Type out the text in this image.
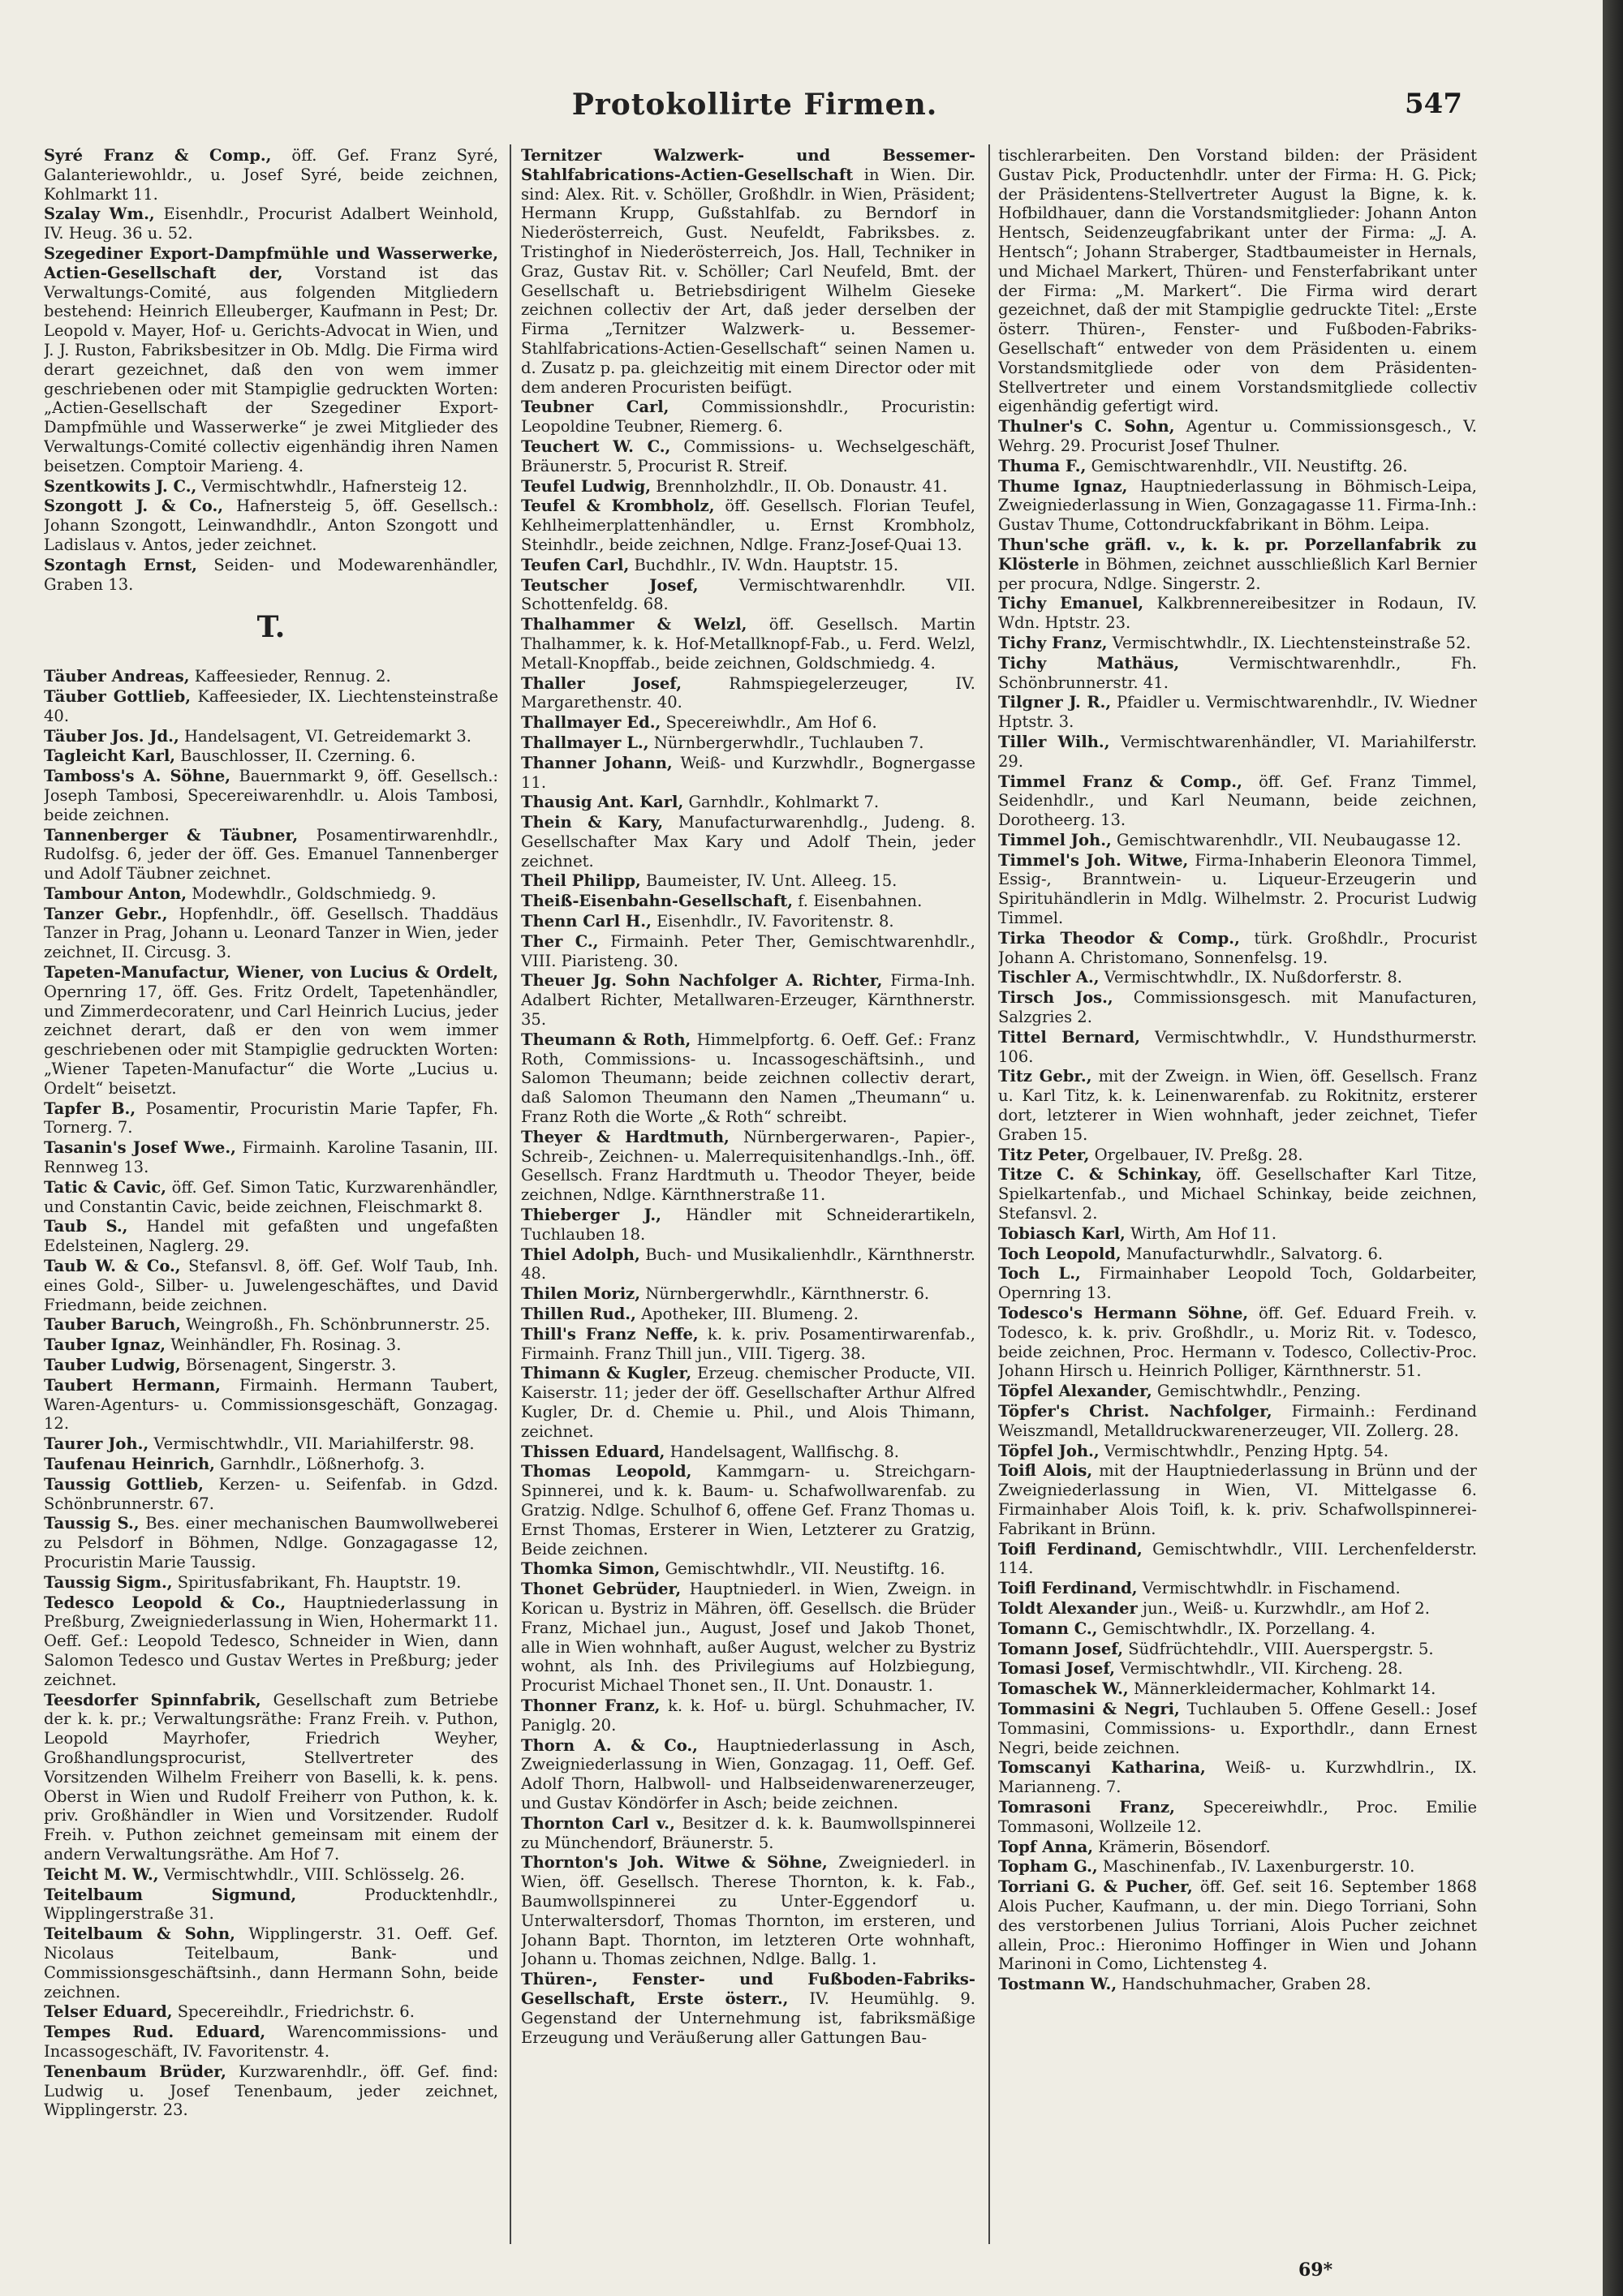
Protokollirte Firmen.	547
Syré Franz & Comp., öff. Gef. Franz Syré, Galanteriewohldr., u. Josef Syré, beide zeichnen, Kohlmarkt 11.
Szalay Wm., Eisenhdlr., Procurist Adalbert Weinhold, IV. Heug. 36 u. 52.
Szegediner Export-Dampfmühle und Wasserwerke, Actien-Gesellschaft der, Vorstand ist das Verwaltungs-Comité, aus folgenden Mitgliedern bestehend: Heinrich Elleuberger, Kaufmann in Pest; Dr. Leopold v. Mayer, Hof- u. Gerichts-Advocat in Wien, und J. J. Ruston, Fabriksbesitzer in Ob. Mdlg. Die Firma wird derart gezeichnet, daß den von wem immer geschriebenen oder mit Stampiglie gedruckten Worten: „Actien-Gesellschaft der Szegediner Export-Dampfmühle und Wasserwerke“ je zwei Mitglieder des Verwaltungs-Comité collectiv eigenhändig ihren Namen beisetzen. Comptoir Marieng. 4.
Szentkowits J. C., Vermischtwhdlr., Hafnersteig 12.
Szongott J. & Co., Hafnersteig 5, öff. Gesellsch.: Johann Szongott, Leinwandhdlr., Anton Szongott und Ladislaus v. Antos, jeder zeichnet.
Szontagh Ernst, Seiden- und Modewarenhändler, Graben 13.
T.
Täuber Andreas, Kaffeesieder, Rennug. 2.
Täuber Gottlieb, Kaffeesieder, IX. Liechtensteinstraße 40.
Täuber Jos. Jd., Handelsagent, VI. Getreidemarkt 3.
Tagleicht Karl, Bauschlosser, II. Czerning. 6.
Tamboss's A. Söhne, Bauernmarkt 9, öff. Gesellsch.: Joseph Tambosi, Specereiwarenhdlr. u. Alois Tambosi, beide zeichnen.
Tannenberger & Täubner, Posamentirwarenhdlr., Rudolfsg. 6, jeder der öff. Ges. Emanuel Tannenberger und Adolf Täubner zeichnet.
Tambour Anton, Modewhdlr., Goldschmiedg. 9.
Tanzer Gebr., Hopfenhdlr., öff. Gesellsch. Thaddäus Tanzer in Prag, Johann u. Leonard Tanzer in Wien, jeder zeichnet, II. Circusg. 3.
Tapeten-Manufactur, Wiener, von Lucius & Ordelt, Opernring 17, öff. Ges. Fritz Ordelt, Tapetenhändler, und Zimmerdecoratenr, und Carl Heinrich Lucius, jeder zeichnet derart, daß er den von wem immer geschriebenen oder mit Stampiglie gedruckten Worten: „Wiener Tapeten-Manufactur“ die Worte „Lucius u. Ordelt“ beisetzt.
Tapfer B., Posamentir, Procuristin Marie Tapfer, Fh. Tornerg. 7.
Tasanin's Josef Wwe., Firmainh. Karoline Tasanin, III. Rennweg 13.
Tatic & Cavic, öff. Gef. Simon Tatic, Kurzwarenhändler, und Constantin Cavic, beide zeichnen, Fleischmarkt 8.
Taub S., Handel mit gefaßten und ungefaßten Edelsteinen, Naglerg. 29.
Taub W. & Co., Stefansvl. 8, öff. Gef. Wolf Taub, Inh. eines Gold-, Silber- u. Juwelengeschäftes, und David Friedmann, beide zeichnen.
Tauber Baruch, Weingroßh., Fh. Schönbrunnerstr. 25.
Tauber Ignaz, Weinhändler, Fh. Rosinag. 3.
Tauber Ludwig, Börsenagent, Singerstr. 3.
Taubert Hermann, Firmainh. Hermann Taubert, Waren-Agenturs- u. Commissionsgeschäft, Gonzagag. 12.
Taurer Joh., Vermischtwhdlr., VII. Mariahilferstr. 98.
Taufenau Heinrich, Garnhdlr., Lößnerhofg. 3.
Taussig Gottlieb, Kerzen- u. Seifenfab. in Gdzd. Schönbrunnerstr. 67.
Taussig S., Bes. einer mechanischen Baumwollweberei zu Pelsdorf in Böhmen, Ndlge. Gonzagagasse 12, Procuristin Marie Taussig.
Taussig Sigm., Spiritusfabrikant, Fh. Hauptstr. 19.
Tedesco Leopold & Co., Hauptniederlassung in Preßburg, Zweigniederlassung in Wien, Hohermarkt 11. Oeff. Gef.: Leopold Tedesco, Schneider in Wien, dann Salomon Tedesco und Gustav Wertes in Preßburg; jeder zeichnet.
Teesdorfer Spinnfabrik, Gesellschaft zum Betriebe der k. k. pr.; Verwaltungsräthe: Franz Freih. v. Puthon, Leopold Mayrhofer, Friedrich Weyher, Großhandlungsprocurist, Stellvertreter des Vorsitzenden Wilhelm Freiherr von Baselli, k. k. pens. Oberst in Wien und Rudolf Freiherr von Puthon, k. k. priv. Großhändler in Wien und Vorsitzender. Rudolf Freih. v. Puthon zeichnet gemeinsam mit einem der andern Verwaltungsräthe. Am Hof 7.
Teicht M. W., Vermischtwhdlr., VIII. Schlösselg. 26.
Teitelbaum Sigmund,	Producktenhdlr., Wipplingerstraße 31.
Teitelbaum & Sohn, Wipplingerstr. 31. Oeff. Gef. Nicolaus Teitelbaum, Bank- und Commissionsgeschäftsinh., dann Hermann Sohn, beide zeichnen.
Telser Eduard, Specereihdlr., Friedrichstr. 6.
Tempes Rud. Eduard, Warencommissions- und Incassogeschäft, IV. Favoritenstr. 4.
Tenenbaum Brüder, Kurzwarenhdlr., öff. Gef. find: Ludwig u. Josef Tenenbaum, jeder zeichnet, Wipplingerstr. 23.
Ternitzer Walzwerk- und Bessemer-Stahlfabrications-Actien-Gesellschaft in Wien. Dir. sind: Alex. Rit. v. Schöller, Großhdlr. in Wien, Präsident; Hermann Krupp, Gußstahlfab. zu Berndorf in Niederösterreich, Gust. Neufeldt, Fabriksbes. z. Tristinghof in Niederösterreich, Jos. Hall, Techniker in Graz, Gustav Rit. v. Schöller; Carl Neufeld, Bmt. der Gesellschaft u. Betriebsdirigent Wilhelm Gieseke zeichnen collectiv der Art, daß jeder derselben der Firma „Ternitzer Walzwerk- u. Bessemer-Stahlfabrications-Actien-Gesellschaft“ seinen Namen u. d. Zusatz p. pa. gleichzeitig mit einem Director oder mit dem anderen Procuristen beifügt.
Teubner Carl, Commissionshdlr., Procuristin: Leopoldine Teubner, Riemerg. 6.
Teuchert W. C., Commissions- u. Wechselgeschäft, Bräunerstr. 5, Procurist R. Streif.
Teufel Ludwig, Brennholzhdlr., II. Ob. Donaustr. 41.
Teufel & Krombholz, öff. Gesellsch. Florian Teufel, Kehlheimerplattenhändler, u. Ernst Krombholz, Steinhdlr., beide zeichnen, Ndlge. Franz-Josef-Quai 13.
Teufen Carl, Buchdhlr., IV. Wdn. Hauptstr. 15.
Teutscher Josef,	Vermischtwarenhdlr. VII. Schottenfeldg. 68.
Thalhammer & Welzl, öff. Gesellsch. Martin Thalhammer, k. k. Hof-Metallknopf-Fab., u. Ferd. Welzl, Metall-Knopffab., beide zeichnen, Goldschmiedg. 4.
Thaller Josef,	Rahmspiegelerzeuger, IV. Margarethenstr. 40.
Thallmayer Ed., Specereiwhdlr., Am Hof 6.
Thallmayer L., Nürnbergerwhdlr., Tuchlauben 7.
Thanner Johann, Weiß- und Kurzwhdlr., Bognergasse 11.
Thausig Ant. Karl, Garnhdlr., Kohlmarkt 7.
Thein & Kary, Manufacturwarenhdlg., Judeng. 8. Gesellschafter Max Kary und Adolf Thein, jeder zeichnet.
Theil Philipp, Baumeister, IV. Unt. Alleeg. 15.
Theiß-Eisenbahn-Gesellschaft, f. Eisenbahnen.
Thenn Carl H., Eisenhdlr., IV. Favoritenstr. 8.
Ther C., Firmainh. Peter Ther, Gemischtwarenhdlr., VIII. Piaristeng. 30.
Theuer Jg. Sohn Nachfolger A. Richter, Firma-Inh. Adalbert Richter, Metallwaren-Erzeuger, Kärnthnerstr. 35.
Theumann & Roth, Himmelpfortg. 6. Oeff. Gef.: Franz Roth, Commissions- u. Incassogeschäftsinh., und Salomon Theumann; beide zeichnen collectiv derart, daß Salomon Theumann den Namen „Theumann“ u. Franz Roth die Worte „& Roth“ schreibt.
Theyer & Hardtmuth, Nürnbergerwaren-, Papier-, Schreib-, Zeichnen- u. Malerrequisitenhandlgs.-Inh., öff. Gesellsch. Franz Hardtmuth u. Theodor Theyer, beide zeichnen, Ndlge. Kärnthnerstraße 11.
Thieberger J., Händler mit Schneiderartikeln, Tuchlauben 18.
Thiel Adolph, Buch- und Musikalienhdlr., Kärnthnerstr. 48.
Thilen Moriz, Nürnbergerwhdlr., Kärnthnerstr. 6.
Thillen Rud., Apotheker, III. Blumeng. 2.
Thill's Franz Neffe, k. k. priv. Posamentirwarenfab., Firmainh. Franz Thill jun., VIII. Tigerg. 38.
Thimann & Kugler, Erzeug. chemischer Producte, VII. Kaiserstr. 11; jeder der öff. Gesellschafter Arthur Alfred Kugler, Dr. d. Chemie u. Phil., und Alois Thimann, zeichnet.
Thissen Eduard, Handelsagent, Wallfischg. 8.
Thomas Leopold, Kammgarn- u. Streichgarn-Spinnerei, und k. k. Baum- u. Schafwollwarenfab. zu Gratzig. Ndlge. Schulhof 6, offene Gef. Franz Thomas u. Ernst Thomas, Ersterer in Wien, Letzterer zu Gratzig, Beide zeichnen.
Thomka Simon, Gemischtwhdlr., VII. Neustiftg. 16.
Thonet Gebrüder, Hauptniederl. in Wien, Zweign. in Korican u. Bystriz in Mähren, öff. Gesellsch. die Brüder Franz, Michael jun., August, Josef und Jakob Thonet, alle in Wien wohnhaft, außer August, welcher zu Bystriz wohnt, als Inh. des Privilegiums auf Holzbiegung, Procurist Michael Thonet sen., II. Unt. Donaustr. 1.
Thonner Franz, k. k. Hof- u. bürgl. Schuhmacher, IV. Paniglg. 20.
Thorn A. & Co., Hauptniederlassung in Asch, Zweigniederlassung in Wien, Gonzagag. 11, Oeff. Gef. Adolf Thorn, Halbwoll- und Halbseidenwarenerzeuger, und Gustav Köndörfer in Asch; beide zeichnen.
Thornton Carl v., Besitzer d. k. k. Baumwollspinnerei zu Münchendorf, Bräunerstr. 5.
Thornton's Joh. Witwe & Söhne, Zweigniederl. in Wien, öff. Gesellsch. Therese Thornton, k. k. Fab., Baumwollspinnerei zu Unter-Eggendorf u. Unterwaltersdorf, Thomas Thornton, im ersteren, und Johann Bapt. Thornton, im letzteren Orte wohnhaft, Johann u. Thomas zeichnen, Ndlge. Ballg. 1.
Thüren-, Fenster- und Fußboden-Fabriks-Gesellschaft, Erste österr., IV. Heumühlg. 9. Gegenstand der Unternehmung ist, fabriksmäßige Erzeugung und Veräußerung aller Gattungen Bau-
tischlerarbeiten. Den Vorstand bilden: der Präsident Gustav Pick, Productenhdlr. unter der Firma: H. G. Pick; der Präsidentens-Stellvertreter August la Bigne, k. k. Hofbildhauer, dann die Vorstandsmitglieder: Johann Anton Hentsch, Seidenzeugfabrikant unter der Firma: „J. A. Hentsch“; Johann Straberger, Stadtbaumeister in Hernals, und Michael Markert, Thüren- und Fensterfabrikant unter der Firma: „M. Markert“. Die Firma wird derart gezeichnet, daß der mit Stampiglie gedruckte Titel: „Erste österr. Thüren-, Fenster- und Fußboden-Fabriks-Gesellschaft“ entweder von dem Präsidenten u. einem Vorstandsmitgliede oder von dem Präsidenten-Stellvertreter und einem Vorstandsmitgliede collectiv eigenhändig gefertigt wird.
Thulner's C. Sohn, Agentur u. Commissionsgesch., V. Wehrg. 29. Procurist Josef Thulner.
Thuma F., Gemischtwarenhdlr., VII. Neustiftg. 26.
Thume Ignaz, Hauptniederlassung in Böhmisch-Leipa, Zweigniederlassung in Wien, Gonzagagasse 11. Firma-Inh.: Gustav Thume, Cottondruckfabrikant in Böhm. Leipa.
Thun'sche gräfl. v., k. k. pr. Porzellanfabrik zu Klösterle in Böhmen, zeichnet ausschließlich Karl Bernier per procura, Ndlge. Singerstr. 2.
Tichy Emanuel, Kalkbrennereibesitzer in Rodaun, IV. Wdn. Hptstr. 23.
Tichy Franz, Vermischtwhdlr., IX. Liechtensteinstraße 52.
Tichy Mathäus,	Vermischtwarenhdlr., Fh. Schönbrunnerstr. 41.
Tilgner J. R., Pfaidler u. Vermischtwarenhdlr., IV. Wiedner Hptstr. 3.
Tiller Wilh., Vermischtwarenhändler, VI. Mariahilferstr. 29.
Timmel Franz & Comp., öff. Gef. Franz Timmel, Seidenhdlr., und Karl Neumann, beide zeichnen, Dorotheerg. 13.
Timmel Joh., Gemischtwarenhdlr., VII. Neubaugasse 12.
Timmel's Joh. Witwe, Firma-Inhaberin Eleonora Timmel, Essig-, Branntwein- u. Liqueur-Erzeugerin und Spirituhändlerin in Mdlg. Wilhelmstr. 2. Procurist Ludwig Timmel.
Tirka Theodor & Comp., türk. Großhdlr., Procurist Johann A. Christomano, Sonnenfelsg. 19.
Tischler A., Vermischtwhdlr., IX. Nußdorferstr. 8.
Tirsch Jos., Commissionsgesch. mit Manufacturen, Salzgries 2.
Tittel Bernard, Vermischtwhdlr., V. Hundsthurmerstr. 106.
Titz Gebr., mit der Zweign. in Wien, öff. Gesellsch. Franz u. Karl Titz, k. k. Leinenwarenfab. zu Rokitnitz, ersterer dort, letzterer in Wien wohnhaft, jeder zeichnet, Tiefer Graben 15.
Titz Peter, Orgelbauer, IV. Preßg. 28.
Titze C. & Schinkay, öff. Gesellschafter Karl Titze, Spielkartenfab., und Michael Schinkay, beide zeichnen, Stefansvl. 2.
Tobiasch Karl, Wirth, Am Hof 11.
Toch Leopold, Manufacturwhdlr., Salvatorg. 6.
Toch L., Firmainhaber Leopold Toch, Goldarbeiter, Opernring 13.
Todesco's Hermann Söhne, öff. Gef. Eduard Freih. v. Todesco, k. k. priv. Großhdlr., u. Moriz Rit. v. Todesco, beide zeichnen, Proc. Hermann v. Todesco, Collectiv-Proc. Johann Hirsch u. Heinrich Polliger, Kärnthnerstr. 51.
Töpfel Alexander, Gemischtwhdlr., Penzing.
Töpfer's Christ. Nachfolger, Firmainh.: Ferdinand Weiszmandl, Metalldruckwarenerzeuger, VII. Zollerg. 28.
Töpfel Joh., Vermischtwhdlr., Penzing Hptg. 54.
Toifl Alois, mit der Hauptniederlassung in Brünn und der Zweigniederlassung in Wien, VI. Mittelgasse 6. Firmainhaber Alois Toifl, k. k. priv. Schafwollspinnerei-Fabrikant in Brünn.
Toifl Ferdinand, Gemischtwhdlr., VIII. Lerchenfelderstr. 114.
Toifl Ferdinand, Vermischtwhdlr. in Fischamend.
Toldt Alexander jun., Weiß- u. Kurzwhdlr., am Hof 2.
Tomann C., Gemischtwhdlr., IX. Porzellang. 4.
Tomann Josef, Südfrüchtehdlr., VIII. Auerspergstr. 5.
Tomasi Josef, Vermischtwhdlr., VII. Kircheng. 28.
Tomaschek W., Männerkleidermacher, Kohlmarkt 14.
Tommasini & Negri, Tuchlauben 5. Offene Gesell.: Josef Tommasini, Commissions- u. Exporthdlr., dann Ernest Negri, beide zeichnen.
Tomscanyi Katharina, Weiß- u. Kurzwhdlrin., IX. Marianneng. 7.
Tomrasoni Franz, Specereiwhdlr., Proc. Emilie Tommasoni, Wollzeile 12.
Topf Anna, Krämerin, Bösendorf.
Topham G., Maschinenfab., IV. Laxenburgerstr. 10.
Torriani G. & Pucher, öff. Gef. seit 16. September 1868 Alois Pucher, Kaufmann, u. der min. Diego Torriani, Sohn des verstorbenen Julius Torriani, Alois Pucher zeichnet allein, Proc.: Hieronimo Hoffinger in Wien und Johann Marinoni in Como, Lichtensteg 4.
Tostmann W., Handschuhmacher, Graben 28.
69*
